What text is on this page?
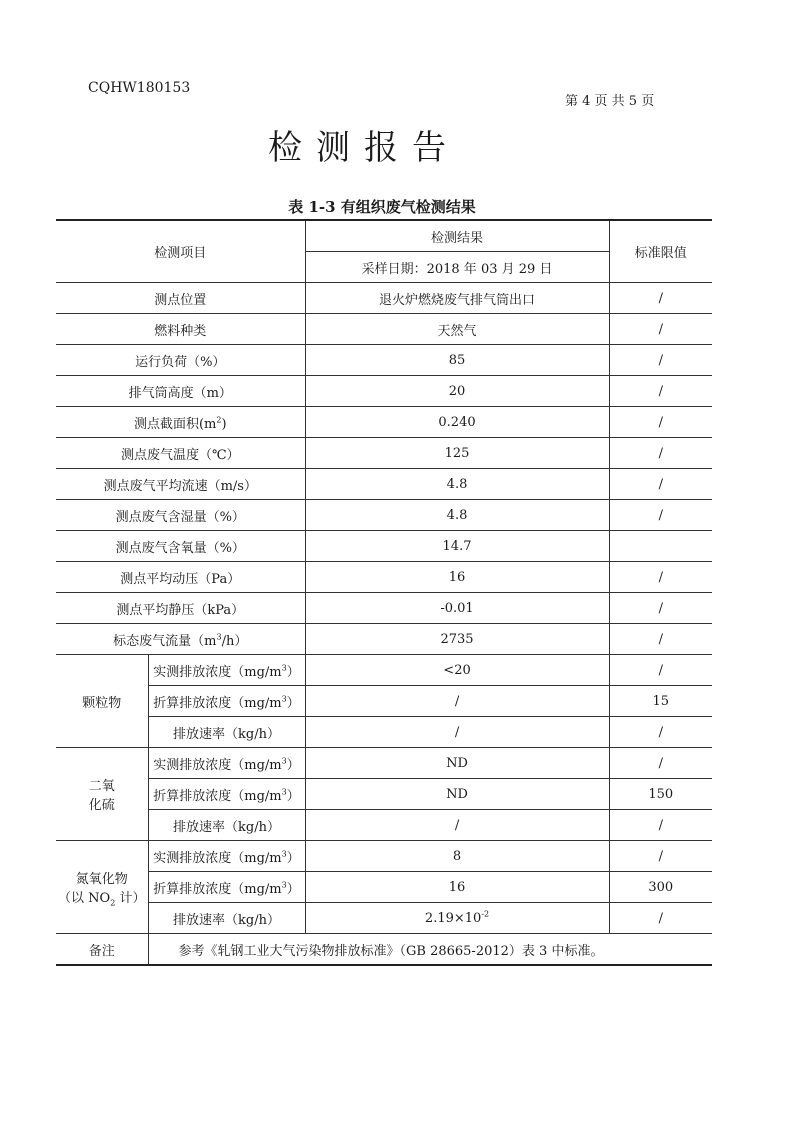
CQHW180153
第 4 页 共 5 页
检测报告
表 1-3 有组织废气检测结果
检测项目		检测结果	标准限值
		采样日期：2018 年 03 月 29 日	
测点位置		退火炉燃烧废气排气筒出口	/
燃料种类		天然气	/
运行负荷（%）		85	/
排气筒高度（m）		20	/
测点截面积$(m^2)$		0.240	/
测点废气温度（℃）		125	/
测点废气平均流速（m/s）		4.8	/
测点废气含湿量（%）		4.8	/
测点废气含氧量（%）		14.7	
测点平均动压（Pa）		16	/
测点平均静压（kPa）		-0.01	/
标态废气流量$(m^3/h)$		2735	/
颗粒物	实测排放浓度$(mg/m^3)$	<20	/
	折算排放浓度$(mg/m^3)$	/	15
	排放速率（kg/h）	/	/
二氧
化硫	实测排放浓度$(mg/m^3)$	ND	/
	折算排放浓度$(mg/m^3)$	ND	150
	排放速率（kg/h）	/	/
氮氧化物
（以 $NO_2$ 计）	实测排放浓度$(mg/m^3)$	8	/
	折算排放浓度$(mg/m^3)$	16	300
	排放速率（kg/h）	$2.19\times 10^{-2}$	/
备注	参考《轧钢工业大气污染物排放标准》（GB 28665-2012）表 3 中标准。		
